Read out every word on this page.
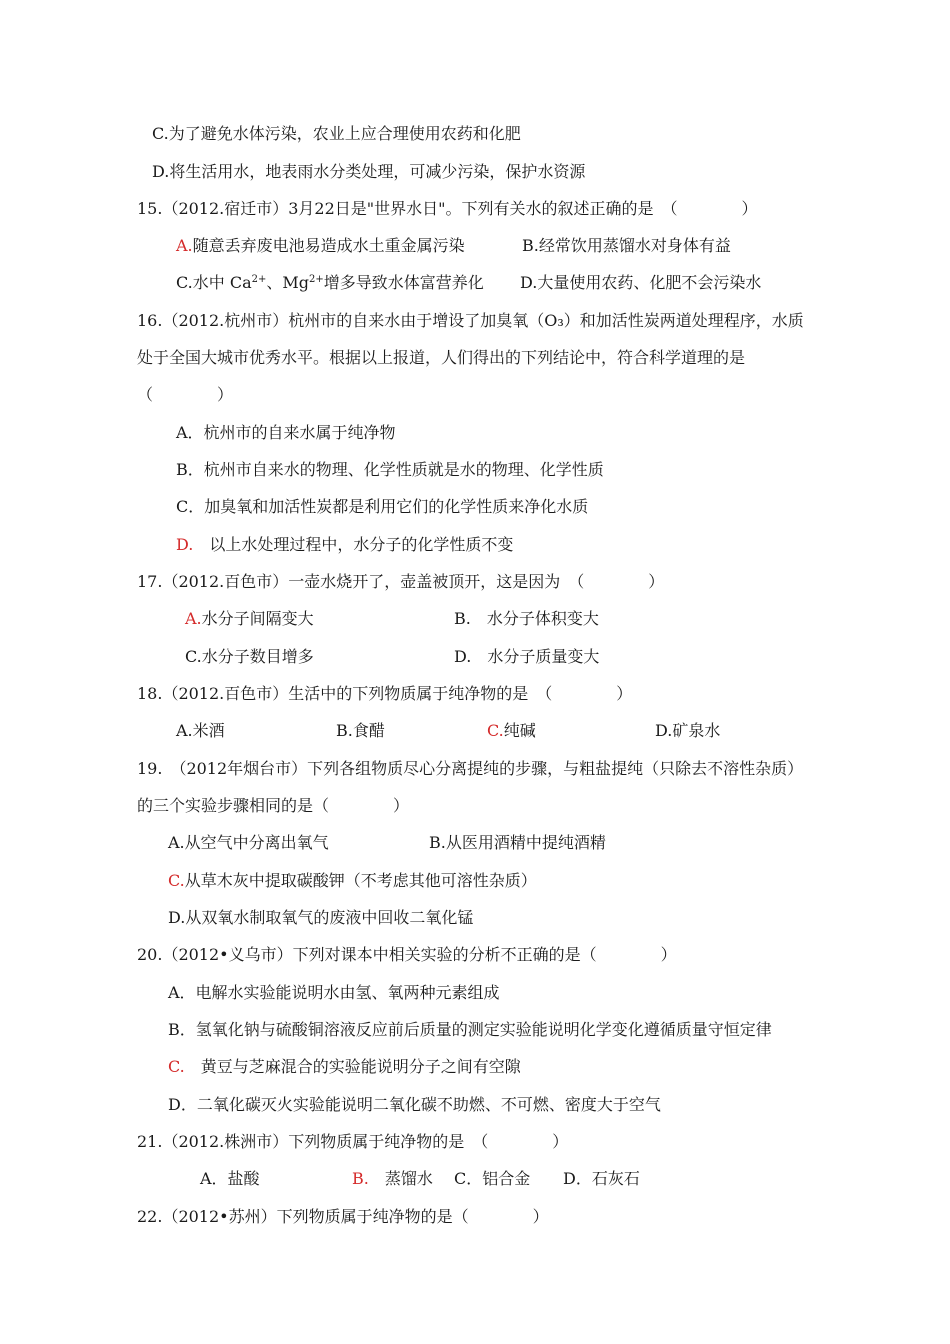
C.为了避免水体污染，农业上应合理使用农药和化肥
D.将生活用水，地表雨水分类处理，可减少污染，保护水资源
15.（2012.宿迁市）3月22日是"世界水日"。下列有关水的叙述正确的是　（　　　　）
A.随意丢弃废电池易造成水土重金属污染	B.经常饮用蒸馏水对身体有益
C.水中 $Ca^{2+}$、$Mg^{2+}$增多导致水体富营养化 D.大量使用农药、化肥不会污染水
16.（2012.杭州市）杭州市的自来水由于增设了加臭氧（O₃）和加活性炭两道处理程序，水质
处于全国大城市优秀水平。根据以上报道，人们得出的下列结论中，符合科学道理的是
（　　　　）
A．杭州市的自来水属于纯净物
B．杭州市自来水的物理、化学性质就是水的物理、化学性质
C．加臭氧和加活性炭都是利用它们的化学性质来净化水质
D.　以上水处理过程中，水分子的化学性质不变
17.（2012.百色市）一壶水烧开了，壶盖被顶开，这是因为　（　　　　）
A.水分子间隔变大	B.　水分子体积变大
C.水分子数目增多	D.　水分子质量变大
18.（2012.百色市）生活中的下列物质属于纯净物的是　（　　　　）
A.米酒	B.食醋	C.纯碱	D.矿泉水
19.　（2012年烟台市）下列各组物质尽心分离提纯的步骤，与粗盐提纯（只除去不溶性杂质）
的三个实验步骤相同的是（　　　　）
A.从空气中分离出氧气	B.从医用酒精中提纯酒精
C.从草木灰中提取碳酸钾（不考虑其他可溶性杂质）
D.从双氧水制取氧气的废液中回收二氧化锰
20.（2012•义乌市）下列对课本中相关实验的分析不正确的是（　　　　）
A．电解水实验能说明水由氢、氧两种元素组成
B．氢氧化钠与硫酸铜溶液反应前后质量的测定实验能说明化学变化遵循质量守恒定律
C.　黄豆与芝麻混合的实验能说明分子之间有空隙
D．二氧化碳灭火实验能说明二氧化碳不助燃、不可燃、密度大于空气
21.（2012.株洲市）下列物质属于纯净物的是　（　　　　）
A．盐酸	B.　蒸馏水 C．铝合金 D．石灰石
22.（2012•苏州）下列物质属于纯净物的是（　　　　）
